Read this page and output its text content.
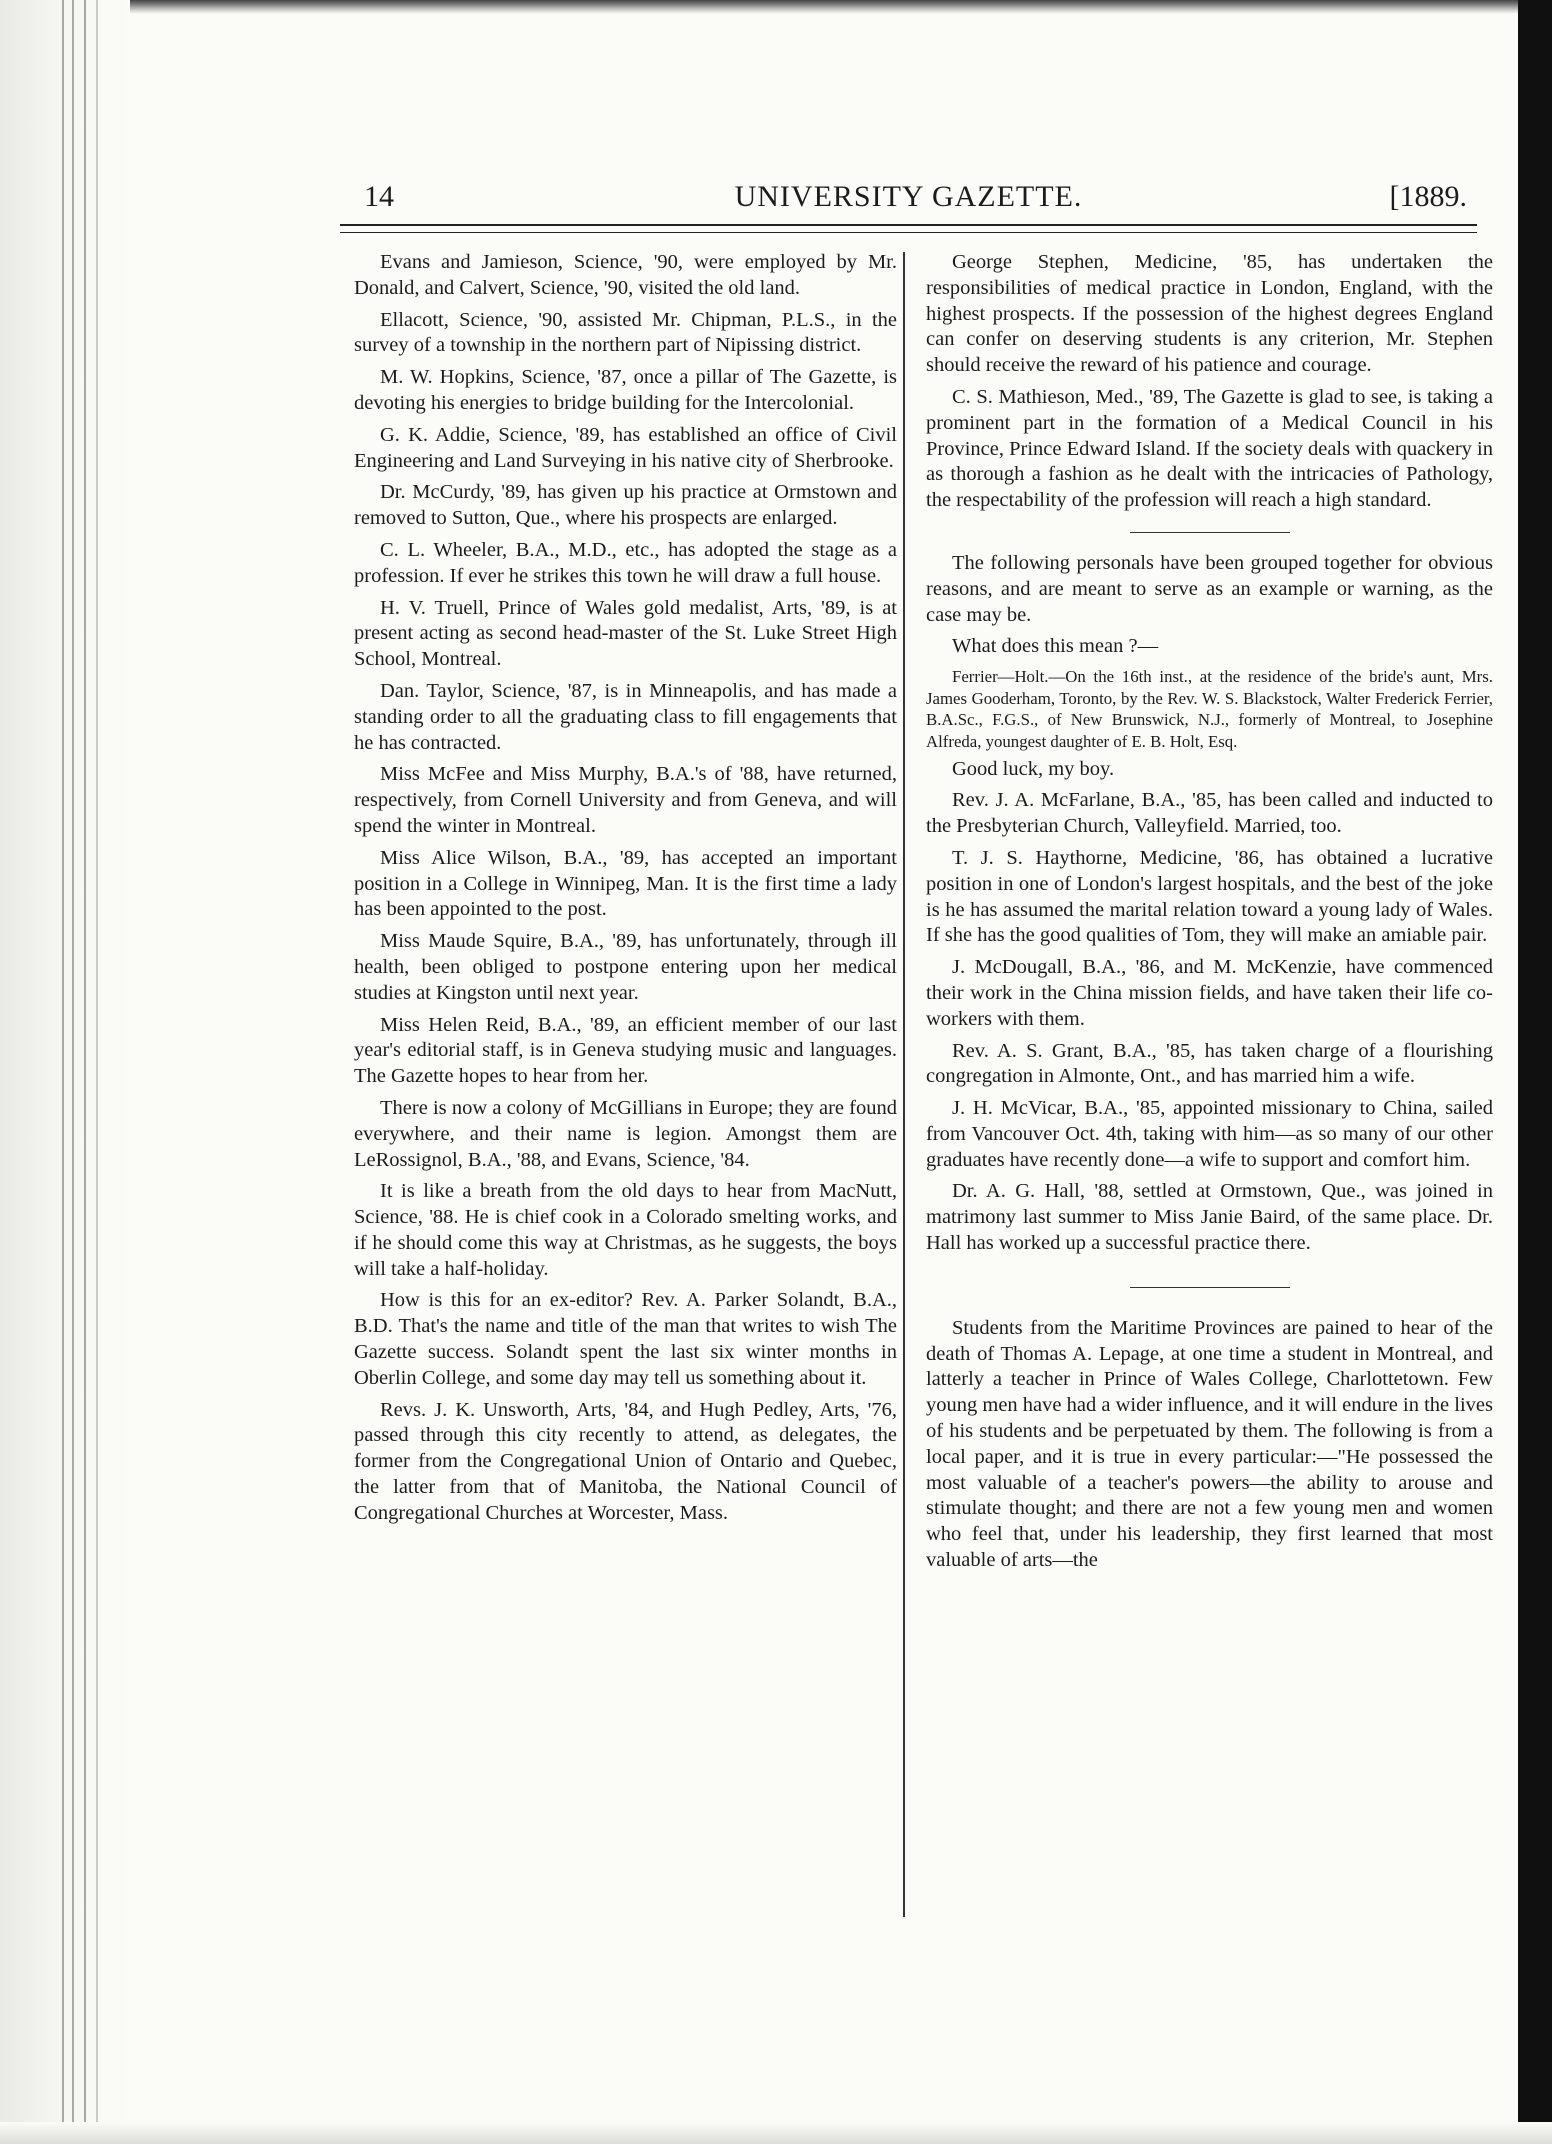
14	UNIVERSITY GAZETTE.	[1889.

Evans and Jamieson, Science, '90, were employed by Mr. Donald, and Calvert, Science, '90, visited the old land.

Ellacott, Science, '90, assisted Mr. Chipman, P.L.S., in the survey of a township in the northern part of Nipissing district.

M. W. Hopkins, Science, '87, once a pillar of The Gazette, is devoting his energies to bridge building for the Intercolonial.

G. K. Addie, Science, '89, has established an office of Civil Engineering and Land Surveying in his native city of Sherbrooke.

Dr. McCurdy, '89, has given up his practice at Ormstown and removed to Sutton, Que., where his prospects are enlarged.

C. L. Wheeler, B.A., M.D., etc., has adopted the stage as a profession. If ever he strikes this town he will draw a full house.

H. V. Truell, Prince of Wales gold medalist, Arts, '89, is at present acting as second head-master of the St. Luke Street High School, Montreal.

Dan. Taylor, Science, '87, is in Minneapolis, and has made a standing order to all the graduating class to fill engagements that he has contracted.

Miss McFee and Miss Murphy, B.A.'s of '88, have returned, respectively, from Cornell University and from Geneva, and will spend the winter in Montreal.

Miss Alice Wilson, B.A., '89, has accepted an important position in a College in Winnipeg, Man. It is the first time a lady has been appointed to the post.

Miss Maude Squire, B.A., '89, has unfortunately, through ill health, been obliged to postpone entering upon her medical studies at Kingston until next year.

Miss Helen Reid, B.A., '89, an efficient member of our last year's editorial staff, is in Geneva studying music and languages. The Gazette hopes to hear from her.

There is now a colony of McGillians in Europe; they are found everywhere, and their name is legion. Amongst them are LeRossignol, B.A., '88, and Evans, Science, '84.

It is like a breath from the old days to hear from MacNutt, Science, '88. He is chief cook in a Colorado smelting works, and if he should come this way at Christmas, as he suggests, the boys will take a half-holiday.

How is this for an ex-editor? Rev. A. Parker Solandt, B.A., B.D. That's the name and title of the man that writes to wish The Gazette success. Solandt spent the last six winter months in Oberlin College, and some day may tell us something about it.

Revs. J. K. Unsworth, Arts, '84, and Hugh Pedley, Arts, '76, passed through this city recently to attend, as delegates, the former from the Congregational Union of Ontario and Quebec, the latter from that of Manitoba, the National Council of Congregational Churches at Worcester, Mass.

George Stephen, Medicine, '85, has undertaken the responsibilities of medical practice in London, England, with the highest prospects. If the possession of the highest degrees England can confer on deserving students is any criterion, Mr. Stephen should receive the reward of his patience and courage.

C. S. Mathieson, Med., '89, The Gazette is glad to see, is taking a prominent part in the formation of a Medical Council in his Province, Prince Edward Island. If the society deals with quackery in as thorough a fashion as he dealt with the intricacies of Pathology, the respectability of the profession will reach a high standard.

The following personals have been grouped together for obvious reasons, and are meant to serve as an example or warning, as the case may be.

What does this mean ?—

Ferrier—Holt.—On the 16th inst., at the residence of the bride's aunt, Mrs. James Gooderham, Toronto, by the Rev. W. S. Blackstock, Walter Frederick Ferrier, B.A.Sc., F.G.S., of New Brunswick, N.J., formerly of Montreal, to Josephine Alfreda, youngest daughter of E. B. Holt, Esq.

Good luck, my boy.

Rev. J. A. McFarlane, B.A., '85, has been called and inducted to the Presbyterian Church, Valleyfield. Married, too.

T. J. S. Haythorne, Medicine, '86, has obtained a lucrative position in one of London's largest hospitals, and the best of the joke is he has assumed the marital relation toward a young lady of Wales. If she has the good qualities of Tom, they will make an amiable pair.

J. McDougall, B.A., '86, and M. McKenzie, have commenced their work in the China mission fields, and have taken their life co-workers with them.

Rev. A. S. Grant, B.A., '85, has taken charge of a flourishing congregation in Almonte, Ont., and has married him a wife.

J. H. McVicar, B.A., '85, appointed missionary to China, sailed from Vancouver Oct. 4th, taking with him—as so many of our other graduates have recently done—a wife to support and comfort him.

Dr. A. G. Hall, '88, settled at Ormstown, Que., was joined in matrimony last summer to Miss Janie Baird, of the same place. Dr. Hall has worked up a successful practice there.

Students from the Maritime Provinces are pained to hear of the death of Thomas A. Lepage, at one time a student in Montreal, and latterly a teacher in Prince of Wales College, Charlottetown. Few young men have had a wider influence, and it will endure in the lives of his students and be perpetuated by them. The following is from a local paper, and it is true in every particular:—"He possessed the most valuable of a teacher's powers—the ability to arouse and stimulate thought; and there are not a few young men and women who feel that, under his leadership, they first learned that most valuable of arts—the
